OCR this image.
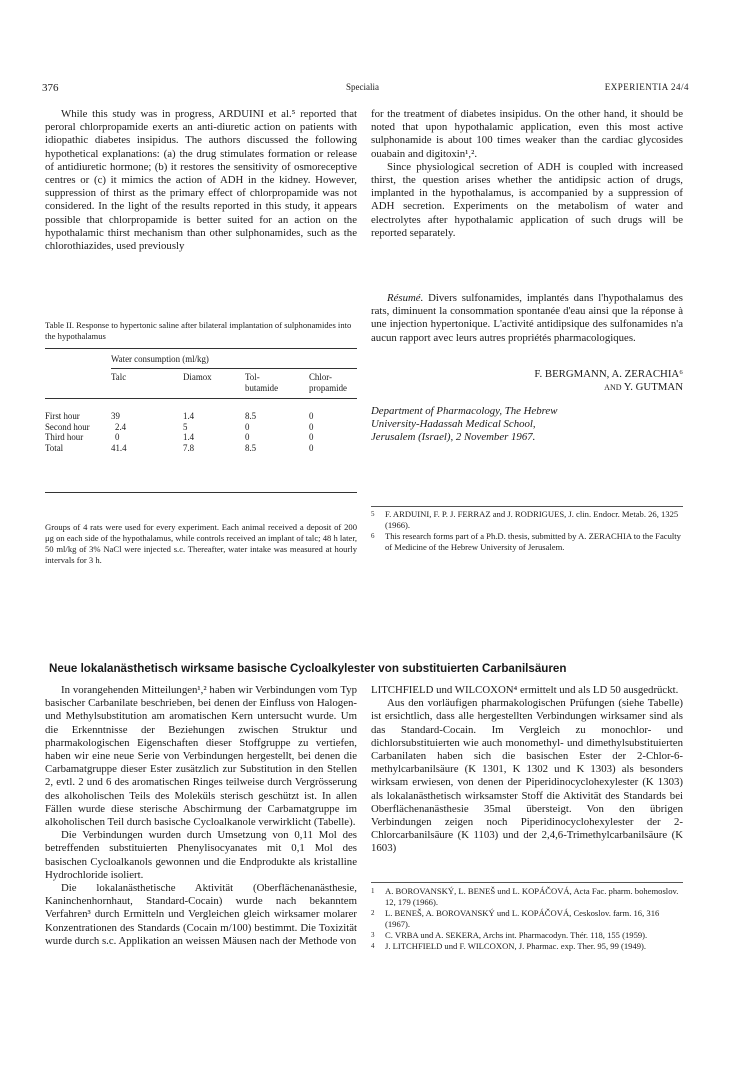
376	Specialia	EXPERIENTIA 24/4

While this study was in progress, ARDUINI et al.⁵ reported that peroral chlorpropamide exerts an anti-diuretic action on patients with idiopathic diabetes insipidus. The authors discussed the following hypothetical explanations: (a) the drug stimulates formation or release of antidiuretic hormone; (b) it restores the sensitivity of osmoreceptive centres or (c) it mimics the action of ADH in the kidney. However, suppression of thirst as the primary effect of chlorpropamide was not considered. In the light of the results reported in this study, it appears possible that chlorpropamide is better suited for an action on the hypothalamic thirst mechanism than other sulphonamides, such as the chlorothiazides, used previously

for the treatment of diabetes insipidus. On the other hand, it should be noted that upon hypothalamic application, even this most active sulphonamide is about 100 times weaker than the cardiac glycosides ouabain and digitoxin¹,².

Since physiological secretion of ADH is coupled with increased thirst, the question arises whether the antidipsic action of drugs, implanted in the hypothalamus, is accompanied by a suppression of ADH secretion. Experiments on the metabolism of water and electrolytes after hypothalamic application of such drugs will be reported separately.

Résumé. Divers sulfonamides, implantés dans l'hypothalamus des rats, diminuent la consommation spontanée d'eau ainsi que la réponse à une injection hypertonique. L'activité antidipsique des sulfonamides n'a aucun rapport avec leurs autres propriétés pharmacologiques.

F. BERGMANN, A. ZERACHIA⁶
and Y. GUTMAN
Department of Pharmacology, The Hebrew
University-Hadassah Medical School,
Jerusalem (Israel), 2 November 1967.
Table II. Response to hypertonic saline after bilateral implantation of sulphonamides into the hypothalamus
Water consumption (ml/kg)
Talc	Diamox	Tol-
butamide
Chlor-
propamide
First hour	39	1.4	8.5	0
Second hour	2.4	5	0	0
Third hour	0	1.4	0	0
Total	41.4	7.8	8.5	0
Groups of 4 rats were used for every experiment. Each animal received a deposit of 200 μg on each side of the hypothalamus, while controls received an implant of talc; 48 h later, 50 ml/kg of 3% NaCl were injected s.c. Thereafter, water intake was measured at hourly intervals for 3 h.
5 F. ARDUINI, F. P. J. FERRAZ and J. RODRIGUES, J. clin. Endocr. Metab. 26, 1325 (1966).
6 This research forms part of a Ph.D. thesis, submitted by A. ZERACHIA to the Faculty of Medicine of the Hebrew University of Jerusalem.
Neue lokalanästhetisch wirksame basische Cycloalkylester von substituierten Carbanilsäuren

In vorangehenden Mitteilungen¹,² haben wir Verbindungen vom Typ basischer Carbanilate beschrieben, bei denen der Einfluss von Halogen- und Methylsubstitution am aromatischen Kern untersucht wurde. Um die Erkenntnisse der Beziehungen zwischen Struktur und pharmakologischen Eigenschaften dieser Stoffgruppe zu vertiefen, haben wir eine neue Serie von Verbindungen hergestellt, bei denen die Carbamatgruppe dieser Ester zusätzlich zur Substitution in den Stellen 2, evtl. 2 und 6 des aromatischen Ringes teilweise durch Vergrösserung des alkoholischen Teils des Moleküls sterisch geschützt ist. In allen Fällen wurde diese sterische Abschirmung der Carbamatgruppe im alkoholischen Teil durch basische Cycloalkanole verwirklicht (Tabelle).

Die Verbindungen wurden durch Umsetzung von 0,11 Mol des betreffenden substituierten Phenylisocyanates mit 0,1 Mol des basischen Cycloalkanols gewonnen und die Endprodukte als kristalline Hydrochloride isoliert.

Die lokalanästhetische Aktivität (Oberflächenanästhesie, Kaninchenhornhaut, Standard-Cocain) wurde nach bekanntem Verfahren³ durch Ermitteln und Vergleichen gleich wirksamer molarer Konzentrationen des Standards (Cocain m/100) bestimmt. Die Toxizität wurde durch s.c. Applikation an weissen Mäusen nach der Methode von

LITCHFIELD und WILCOXON⁴ ermittelt und als LD 50 ausgedrückt.

Aus den vorläufigen pharmakologischen Prüfungen (siehe Tabelle) ist ersichtlich, dass alle hergestellten Verbindungen wirksamer sind als das Standard-Cocain. Im Vergleich zu monochlor- und dichlorsubstituierten wie auch monomethyl- und dimethylsubstituierten Carbanilaten haben sich die basischen Ester der 2-Chlor-6-methylcarbanilsäure (K 1301, K 1302 und K 1303) als besonders wirksam erwiesen, von denen der Piperidinocyclohexylester (K 1303) als lokalanästhetisch wirksamster Stoff die Aktivität des Standards bei Oberflächenanästhesie 35mal übersteigt. Von den übrigen Verbindungen zeigen noch Piperidinocyclohexylester der 2-Chlorcarbanilsäure (K 1103) und der 2,4,6-Trimethylcarbanilsäure (K 1603)

1 A. BOROVANSKÝ, L. BENEŠ und L. KOPÁČOVÁ, Acta Fac. pharm. bohemoslov. 12, 179 (1966).
2 L. BENEŠ, A. BOROVANSKÝ und L. KOPÁČOVÁ, Ceskoslov. farm. 16, 316 (1967).
3 C. VRBA und A. SEKERA, Archs int. Pharmacodyn. Thér. 118, 155 (1959).
4 J. LITCHFIELD und F. WILCOXON, J. Pharmac. exp. Ther. 95, 99 (1949).
